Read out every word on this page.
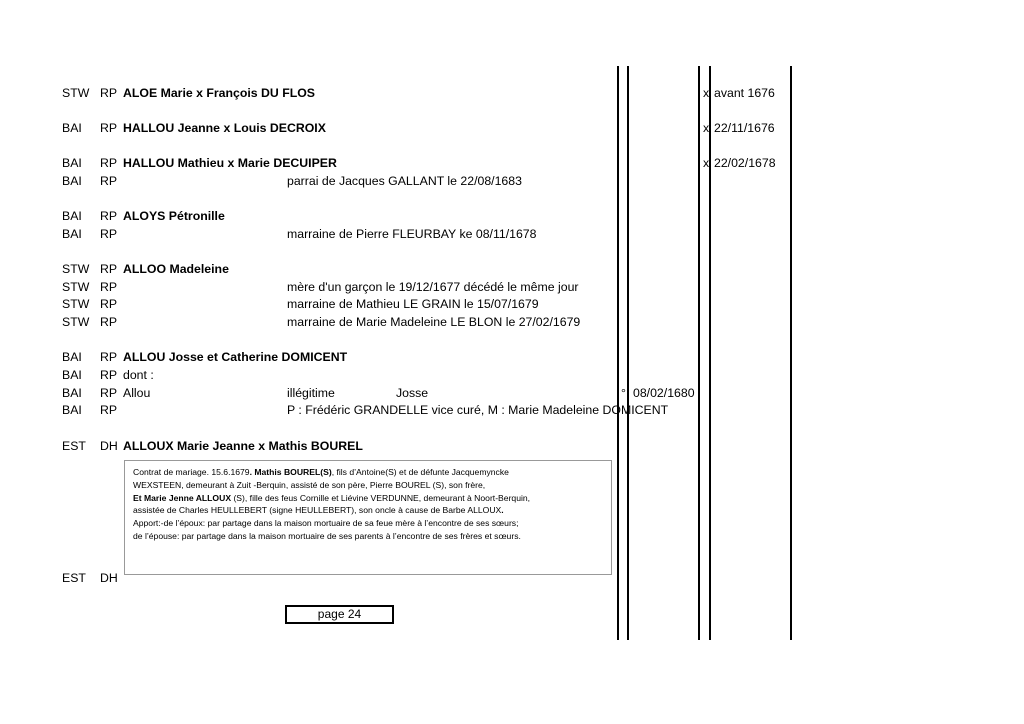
STW RP ALOE Marie x François DU FLOS	x avant 1676
BAI RP HALLOU Jeanne x Louis DECROIX	x 22/11/1676
BAI RP HALLOU Mathieu x Marie DECUIPER	x 22/02/1678
BAI RP	parrai de Jacques GALLANT le 22/08/1683
BAI RP ALOYS Pétronille
BAI RP	marraine de Pierre FLEURBAY ke 08/11/1678
STW RP ALLOO Madeleine
STW RP	mère d'un garçon le 19/12/1677 décédé le même jour
STW RP	marraine de Mathieu LE GRAIN le 15/07/1679
STW RP	marraine de Marie Madeleine LE BLON le 27/02/1679
BAI RP ALLOU Josse et Catherine DOMICENT
BAI RP dont :
BAI RP Allou	illégitime	Josse	° 08/02/1680
BAI RP	P : Frédéric GRANDELLE vice curé, M : Marie Madeleine DOMICENT
EST DH ALLOUX Marie Jeanne x Mathis BOUREL
Contrat de mariage. 15.6.1679. Mathis BOUREL(S), fils d’Antoine(S) et de défunte Jacquemyncke
WEXSTEEN, demeurant à Zuit -Berquin, assisté de son père, Pierre BOUREL (S), son frère,
Et Marie Jenne ALLOUX (S), fille des feus Cornille et Liévine VERDUNNE, demeurant à Noort-Berquin,
assistée de Charles HEULLEBERT (signe HEULLEBERT), son oncle à cause de Barbe ALLOUX.
Apport:-de l’époux: par partage dans la maison mortuaire de sa feue mère à l’encontre de ses sœurs;
de l’épouse: par partage dans la maison mortuaire de ses parents à l’encontre de ses frères et sœurs.
EST DH
page 24
